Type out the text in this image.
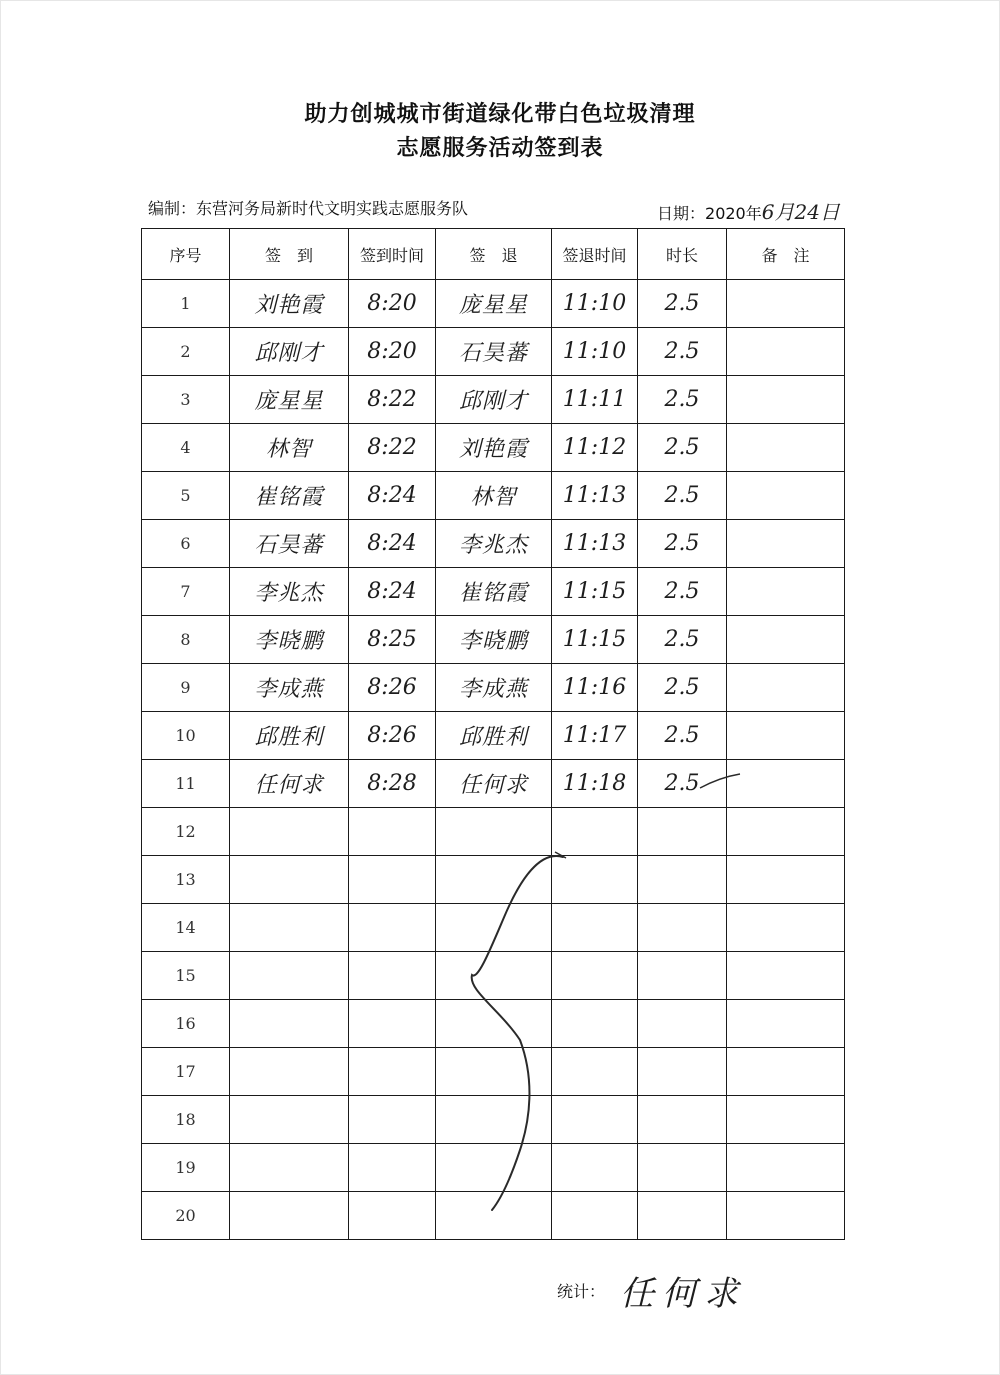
助力创城城市街道绿化带白色垃圾清理
志愿服务活动签到表
编制：东营河务局新时代文明实践志愿服务队	日期：2020年6月24日
序号	签　到	签到时间	签　退	签退时间	时长	备　注
1	刘艳霞	8:20	庞星星	11:10	2.5	
2	邱刚才	8:20	石昊蕃	11:10	2.5	
3	庞星星	8:22	邱刚才	11:11	2.5	
4	林智	8:22	刘艳霞	11:12	2.5	
5	崔铭霞	8:24	林智	11:13	2.5	
6	石昊蕃	8:24	李兆杰	11:13	2.5	
7	李兆杰	8:24	崔铭霞	11:15	2.5	
8	李晓鹏	8:25	李晓鹏	11:15	2.5	
9	李成燕	8:26	李成燕	11:16	2.5	
10	邱胜利	8:26	邱胜利	11:17	2.5	
11	任何求	8:28	任何求	11:18	2.5	
12						
13						
14						
15						
16						
17						
18						
19						
20						
统计： 任何求
